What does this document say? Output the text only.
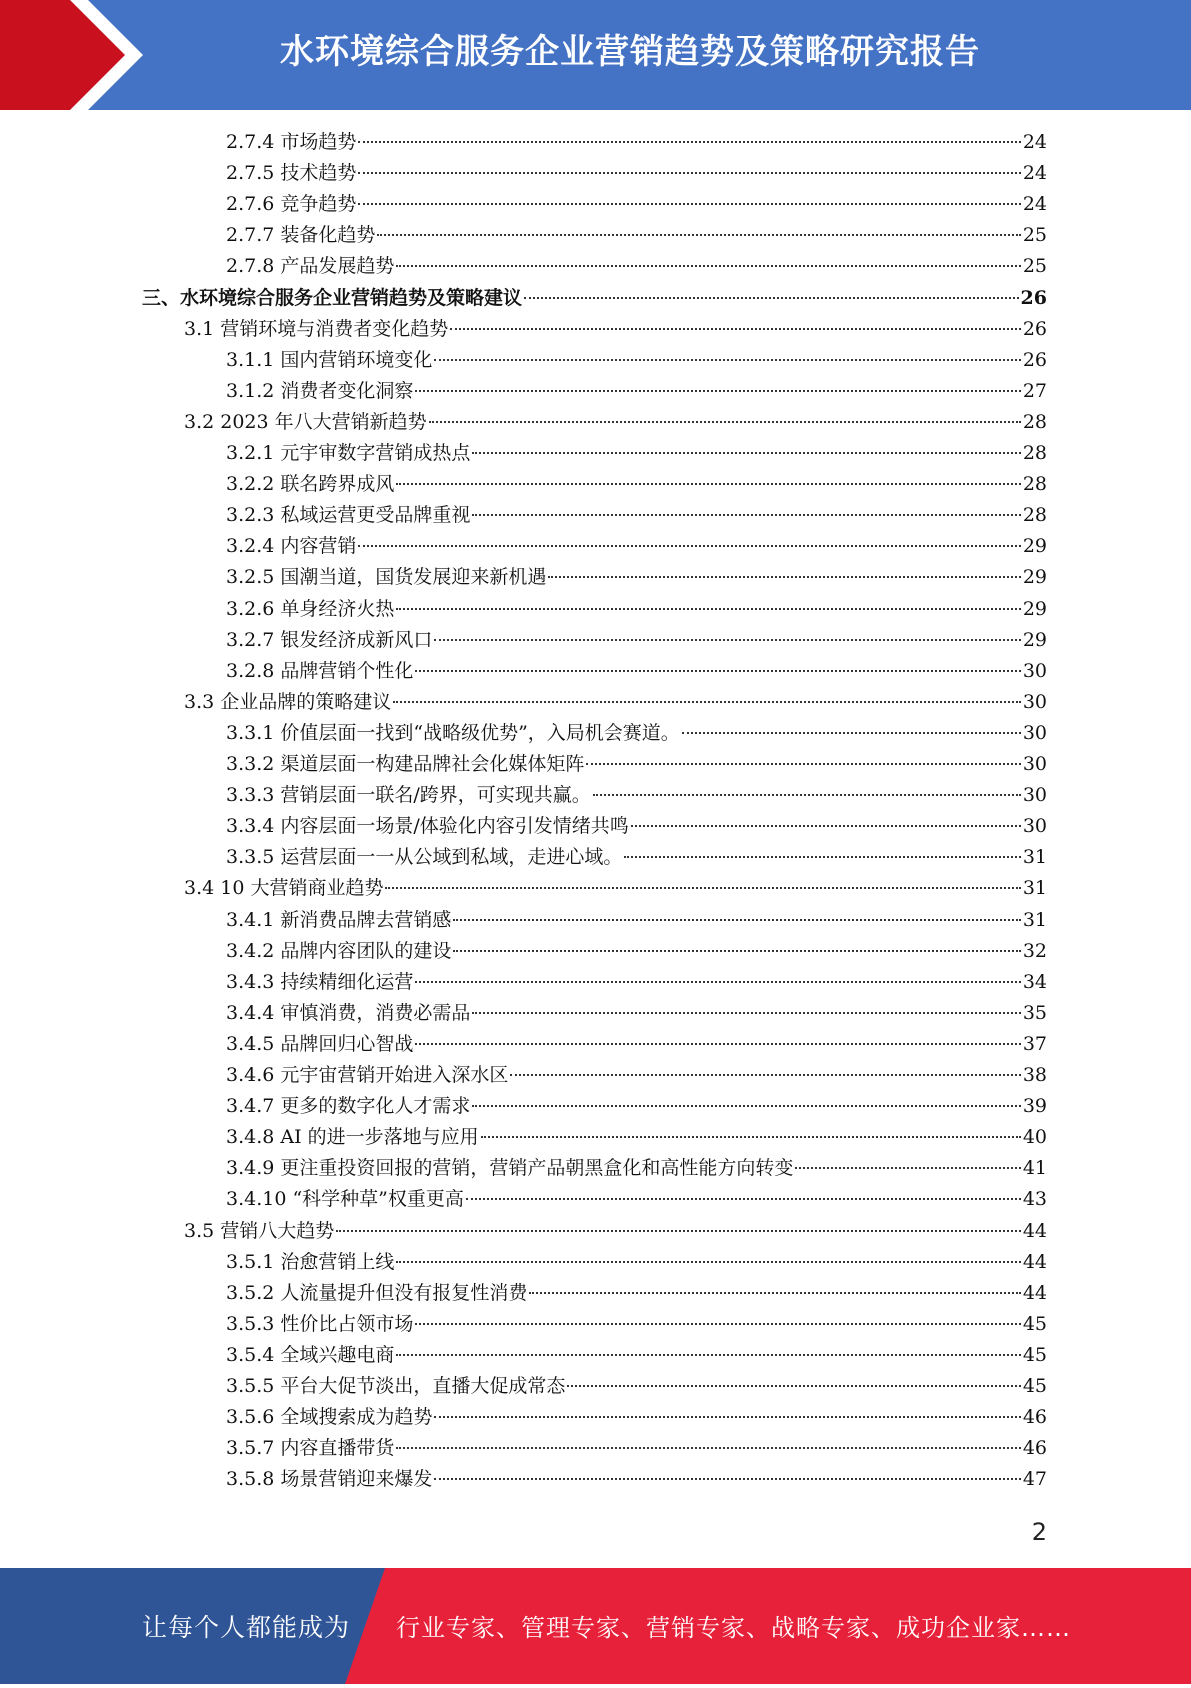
水环境综合服务企业营销趋势及策略研究报告
2.7.4 市场趋势	24
2.7.5 技术趋势	24
2.7.6 竞争趋势	24
2.7.7 装备化趋势	25
2.7.8 产品发展趋势	25
三、水环境综合服务企业营销趋势及策略建议	26
3.1 营销环境与消费者变化趋势	26
3.1.1 国内营销环境变化	26
3.1.2 消费者变化洞察	27
3.2 2023 年八大营销新趋势	28
3.2.1 元宇审数字营销成热点	28
3.2.2 联名跨界成风	28
3.2.3 私域运营更受品牌重视	28
3.2.4 内容营销	29
3.2.5 国潮当道，国货发展迎来新机遇	29
3.2.6 单身经济火热	29
3.2.7 银发经济成新风口	29
3.2.8 品牌营销个性化	30
3.3 企业品牌的策略建议	30
3.3.1 价值层面一找到“战略级优势”，入局机会赛道。	30
3.3.2 渠道层面一构建品牌社会化媒体矩阵	30
3.3.3 营销层面一联名/跨界，可实现共赢。	30
3.3.4 内容层面一场景/体验化内容引发情绪共鸣	30
3.3.5 运营层面一一从公域到私域，走进心域。	31
3.4 10 大营销商业趋势	31
3.4.1 新消费品牌去营销感	31
3.4.2 品牌内容团队的建设	32
3.4.3 持续精细化运营	34
3.4.4 审慎消费，消费必需品	35
3.4.5 品牌回归心智战	37
3.4.6 元宇宙营销开始进入深水区	38
3.4.7 更多的数字化人才需求	39
3.4.8 AI 的进一步落地与应用	40
3.4.9 更注重投资回报的营销，营销产品朝黑盒化和高性能方向转变	41
3.4.10 “科学种草”权重更高	43
3.5 营销八大趋势	44
3.5.1 治愈营销上线	44
3.5.2 人流量提升但没有报复性消费	44
3.5.3 性价比占领市场	45
3.5.4 全域兴趣电商	45
3.5.5 平台大促节淡出，直播大促成常态	45
3.5.6 全域搜索成为趋势	46
3.5.7 内容直播带货	46
3.5.8 场景营销迎来爆发	47
2
让每个人都能成为 行业专家、管理专家、营销专家、战略专家、成功企业家……
